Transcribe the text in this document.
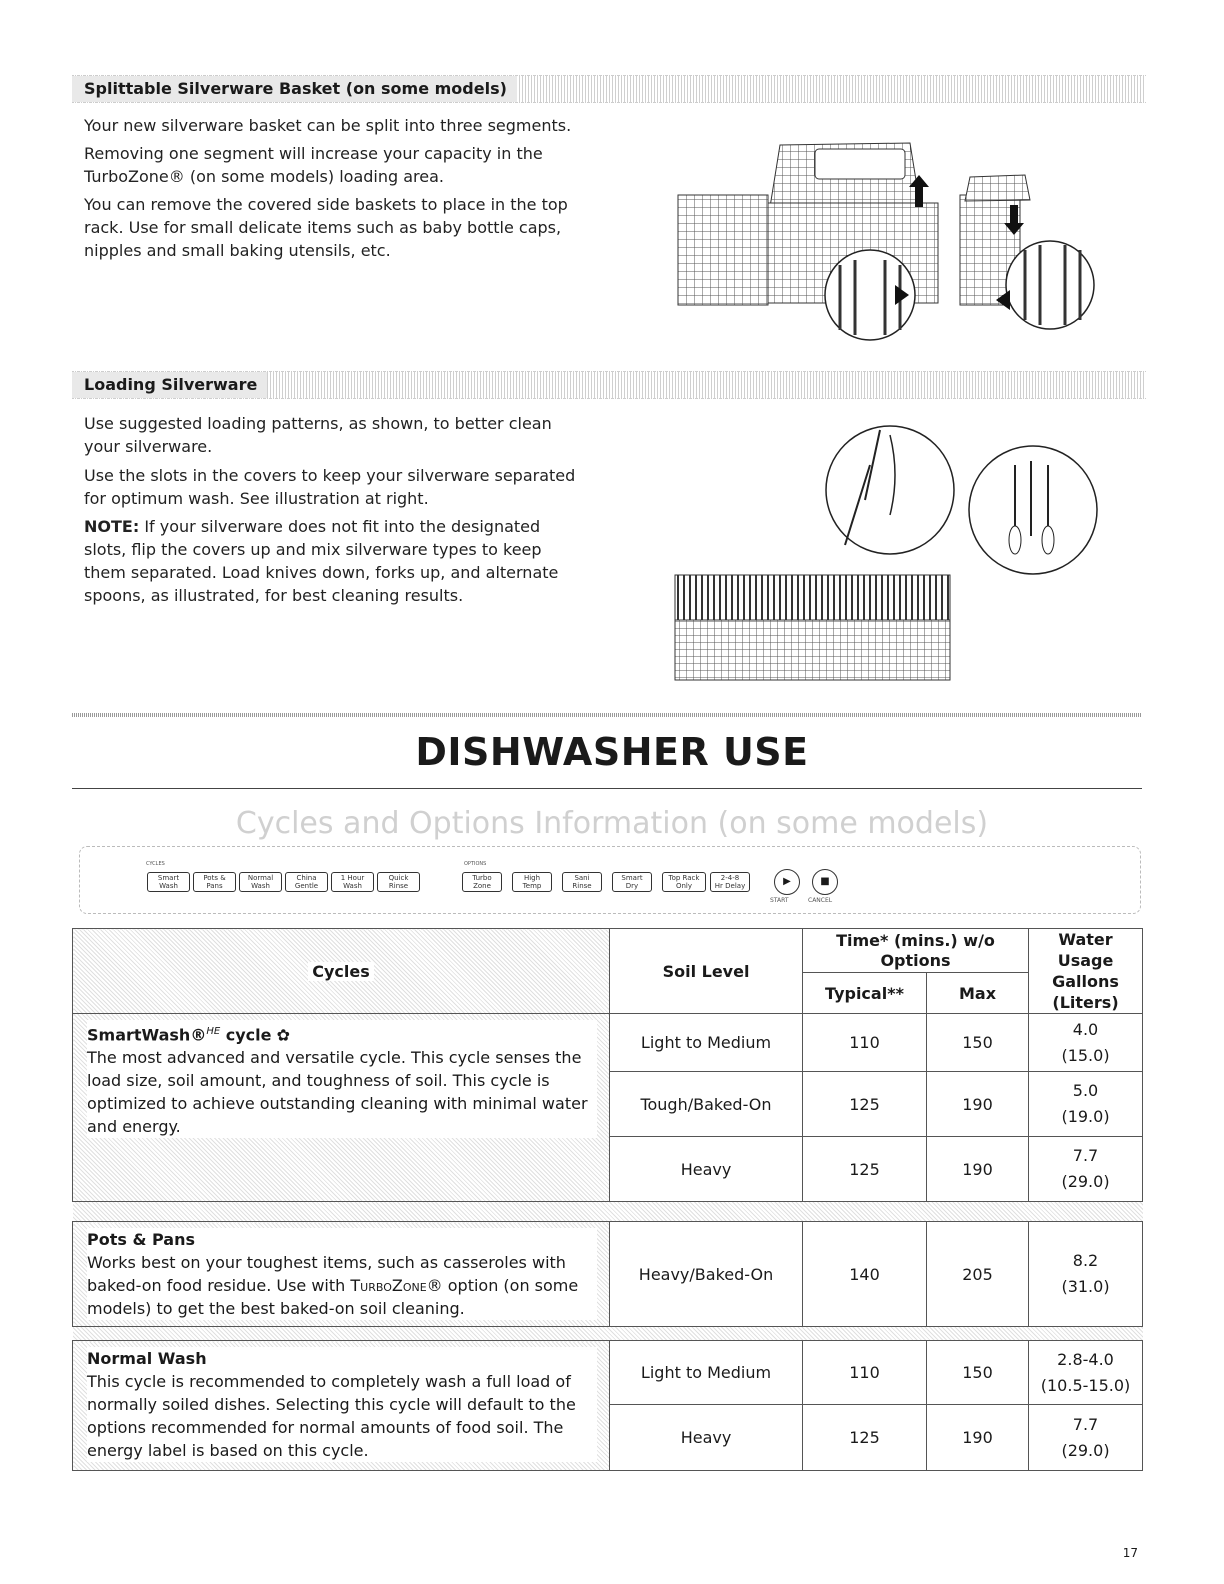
Splittable Silverware Basket (on some models)

Your new silverware basket can be split into three segments.

Removing one segment will increase your capacity in the TurboZone® (on some models) loading area.

You can remove the covered side baskets to place in the top rack. Use for small delicate items such as baby bottle caps, nipples and small baking utensils, etc.

Loading Silverware

Use suggested loading patterns, as shown, to better clean your silverware.

Use the slots in the covers to keep your silverware separated for optimum wash. See illustration at right.

NOTE: If your silverware does not fit into the designated slots, flip the covers up and mix silverware types to keep them separated. Load knives down, forks up, and alternate spoons, as illustrated, for best cleaning results.

DISHWASHER USE
Cycles and Options Information (on some models)
CYCLES
Smart
Wash
Pots &
Pans
Normal
Wash
China
Gentle
1 Hour
Wash
Quick
Rinse
OPTIONS
Turbo
Zone
High
Temp
Sani
Rinse
Smart
Dry
Top Rack
Only
2-4-8
Hr Delay	▶	■
START	CANCEL
Cycles	Soil Level	Time* (mins.) w/o Options		Water Usage Gallons (Liters)
		Typical**	Max	

SmartWash®$^{HE}$ cycle ✿
The most advanced and versatile cycle. This cycle senses the load size, soil amount, and toughness of soil. This cycle is optimized to achieve outstanding cleaning with minimal water and energy.	Light to Medium	110	150	4.0
(15.0)
	Tough/Baked-On	125	190	5.0
(19.0)
	Heavy	125	190	7.7
(29.0)

Pots & Pans
Works best on your toughest items, such as casseroles with baked-on food residue. Use with TurboZone® option (on some models) to get the best baked-on soil cleaning.	Heavy/Baked-On	140	205	8.2
(31.0)

Normal Wash
This cycle is recommended to completely wash a full load of normally soiled dishes. Selecting this cycle will default to the options recommended for normal amounts of food soil. The energy label is based on this cycle.	Light to Medium	110	150	2.8-4.0
(10.5-15.0)
	Heavy	125	190	7.7
(29.0)
17
